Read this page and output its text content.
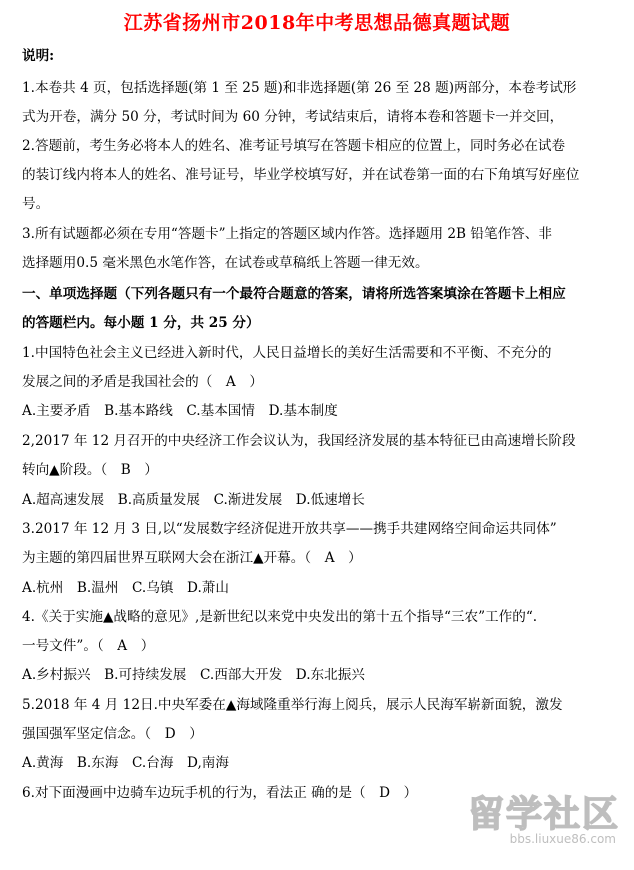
江苏省扬州市2018年中考思想品德真题试题
说明:
1.本卷共 4 页，包括选择题(第 1 至 25 题)和非选择题(第 26 至 28 题)两部分，本卷考试形
式为开卷，满分 50 分，考试时间为 60 分钟，考试结束后，请将本卷和答题卡一并交回，
2.答题前，考生务必将本人的姓名、准考证号填写在答题卡相应的位置上，同时务必在试卷
的装订线内将本人的姓名、准号证号，毕业学校填写好，并在试卷第一面的右下角填写好座位
号。
3.所有试题都必须在专用“答题卡”上指定的答题区域内作答。选择题用 2B 铅笔作答、非
选择题用0.5 毫米黑色水笔作答，在试卷或草稿纸上答题一律无效。
一、单项选择题（下列各题只有一个最符合题意的答案，请将所选答案填涂在答题卡上相应
的答题栏内。每小题 1 分，共 25 分）
1.中国特色社会主义已经进入新时代，人民日益增长的美好生活需要和不平衡、不充分的
发展之间的矛盾是我国社会的（　A　）
A.主要矛盾　B.基本路线　C.基本国情　D.基本制度
2,2017 年 12 月召开的中央经济工作会议认为，我国经济发展的基本特征已由高速增长阶段
转向▲阶段。（　B　）
A.超高速发展　B.高质量发展　C.渐进发展　D.低速增长
3.2017 年 12 月 3 日,以“发展数字经济促进开放共享——携手共建网络空间命运共同体”
为主题的第四届世界互联网大会在浙江▲开幕。（　A　）
A.杭州　B.温州　C.乌镇　D.萧山
4.《关于实施▲战略的意见》,是新世纪以来党中央发出的第十五个指导“三农”工作的“.
一号文件”。（　A　）
A.乡村振兴　B.可持续发展　C.西部大开发　D.东北振兴
5.2018 年 4 月 12日.中央军委在▲海域隆重举行海上阅兵，展示人民海军崭新面貌，激发
强国强军坚定信念。（　D　）
A.黄海　B.东海　C.台海　D,南海
6.对下面漫画中边骑车边玩手机的行为，看法正 确的是（　D　）
留学社区
bbs.liuxue86.com
